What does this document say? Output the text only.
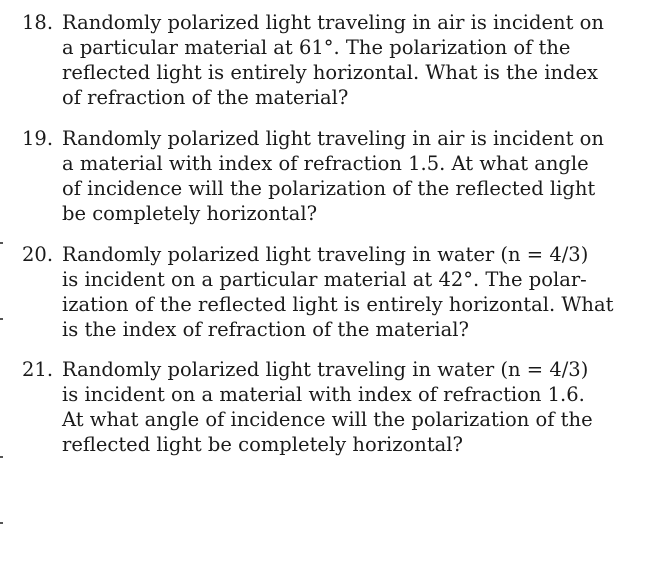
18. Randomly polarized light traveling in air is incident on
a particular material at 61°. The polarization of the
reflected light is entirely horizontal. What is the index
of refraction of the material?
19. Randomly polarized light traveling in air is incident on
a material with index of refraction 1.5. At what angle
of incidence will the polarization of the reflected light
be completely horizontal?
20. Randomly polarized light traveling in water (n = 4/3)
is incident on a particular material at 42°. The polar-
ization of the reflected light is entirely horizontal. What
is the index of refraction of the material?
21. Randomly polarized light traveling in water (n = 4/3)
is incident on a material with index of refraction 1.6.
At what angle of incidence will the polarization of the
reflected light be completely horizontal?
